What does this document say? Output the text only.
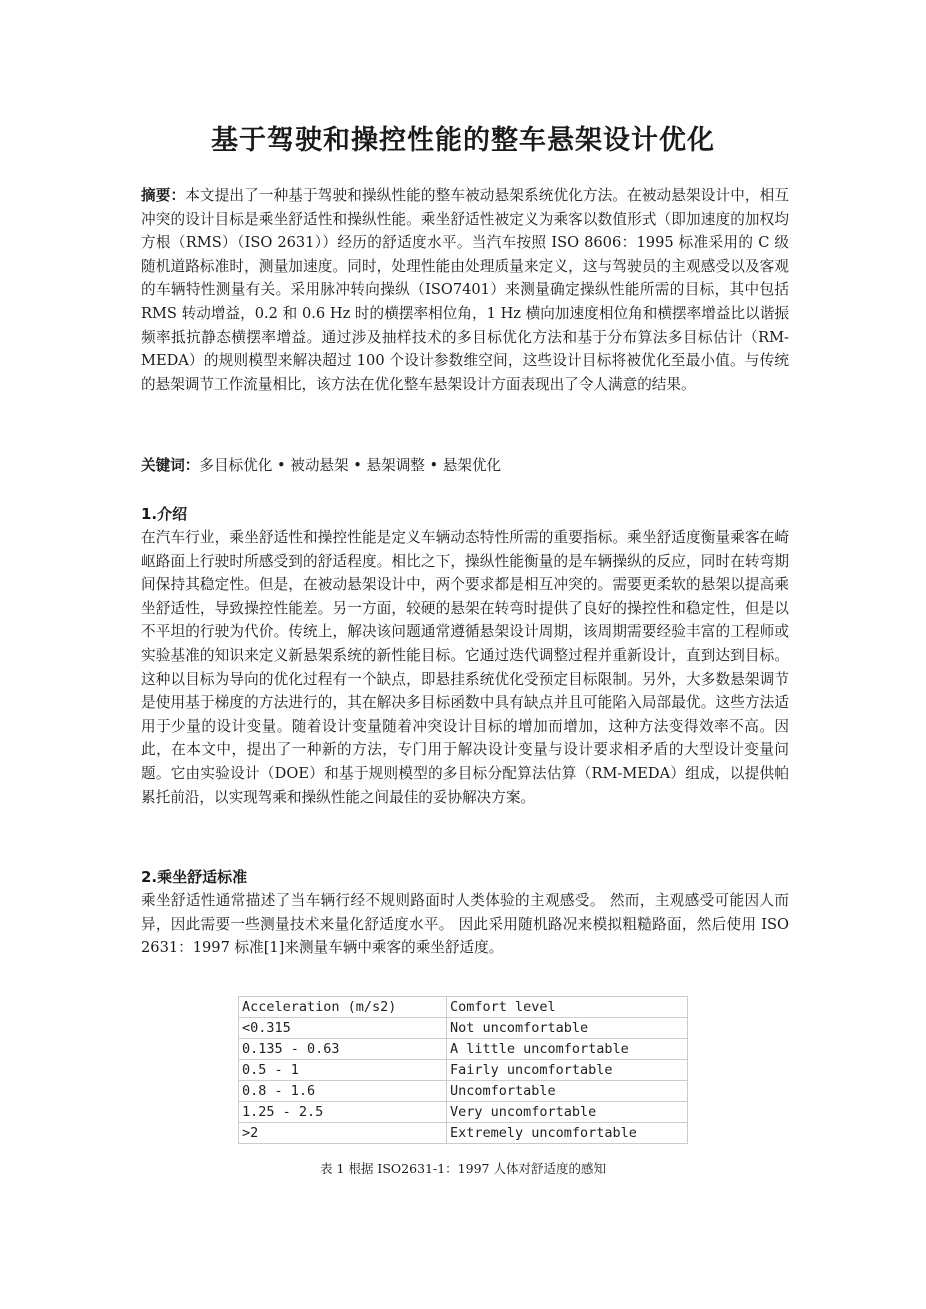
基于驾驶和操控性能的整车悬架设计优化

摘要：本文提出了一种基于驾驶和操纵性能的整车被动悬架系统优化方法。在被动悬架设计中，相互冲突的设计目标是乘坐舒适性和操纵性能。乘坐舒适性被定义为乘客以数值形式（即加速度的加权均方根（RMS）（ISO 2631））经历的舒适度水平。当汽车按照 ISO 8606：1995 标准采用的 C 级随机道路标准时，测量加速度。同时，处理性能由处理质量来定义，这与驾驶员的主观感受以及客观的车辆特性测量有关。采用脉冲转向操纵（ISO7401）来测量确定操纵性能所需的目标，其中包括 RMS 转动增益，0.2 和 0.6 Hz 时的横摆率相位角，1 Hz 横向加速度相位角和横摆率增益比以谐振频率抵抗静态横摆率增益。通过涉及抽样技术的多目标优化方法和基于分布算法多目标估计（RM-MEDA）的规则模型来解决超过 100 个设计参数维空间，这些设计目标将被优化至最小值。与传统的悬架调节工作流量相比，该方法在优化整车悬架设计方面表现出了令人满意的结果。

关键词：多目标优化 • 被动悬架 • 悬架调整 • 悬架优化

1.介绍

在汽车行业，乘坐舒适性和操控性能是定义车辆动态特性所需的重要指标。乘坐舒适度衡量乘客在崎岖路面上行驶时所感受到的舒适程度。相比之下，操纵性能衡量的是车辆操纵的反应，同时在转弯期间保持其稳定性。但是，在被动悬架设计中，两个要求都是相互冲突的。需要更柔软的悬架以提高乘坐舒适性，导致操控性能差。另一方面，较硬的悬架在转弯时提供了良好的操控性和稳定性，但是以不平坦的行驶为代价。传统上，解决该问题通常遵循悬架设计周期，该周期需要经验丰富的工程师或实验基准的知识来定义新悬架系统的新性能目标。它通过迭代调整过程并重新设计，直到达到目标。这种以目标为导向的优化过程有一个缺点，即悬挂系统优化受预定目标限制。另外，大多数悬架调节是使用基于梯度的方法进行的，其在解决多目标函数中具有缺点并且可能陷入局部最优。这些方法适用于少量的设计变量。随着设计变量随着冲突设计目标的增加而增加，这种方法变得效率不高。因此，在本文中，提出了一种新的方法，专门用于解决设计变量与设计要求相矛盾的大型设计变量问题。它由实验设计（DOE）和基于规则模型的多目标分配算法估算（RM-MEDA）组成，以提供帕累托前沿，以实现驾乘和操纵性能之间最佳的妥协解决方案。

2.乘坐舒适标准

乘坐舒适性通常描述了当车辆行经不规则路面时人类体验的主观感受。 然而，主观感受可能因人而异，因此需要一些测量技术来量化舒适度水平。 因此采用随机路况来模拟粗糙路面，然后使用 ISO 2631：1997 标准[1]来测量车辆中乘客的乘坐舒适度。

Acceleration (m/s2)	Comfort level
<0.315	Not uncomfortable
0.135 - 0.63	A little uncomfortable
0.5 - 1	Fairly uncomfortable
0.8 - 1.6	Uncomfortable
1.25 - 2.5	Very uncomfortable
>2	Extremely uncomfortable

表 1 根据 ISO2631-1：1997 人体对舒适度的感知
